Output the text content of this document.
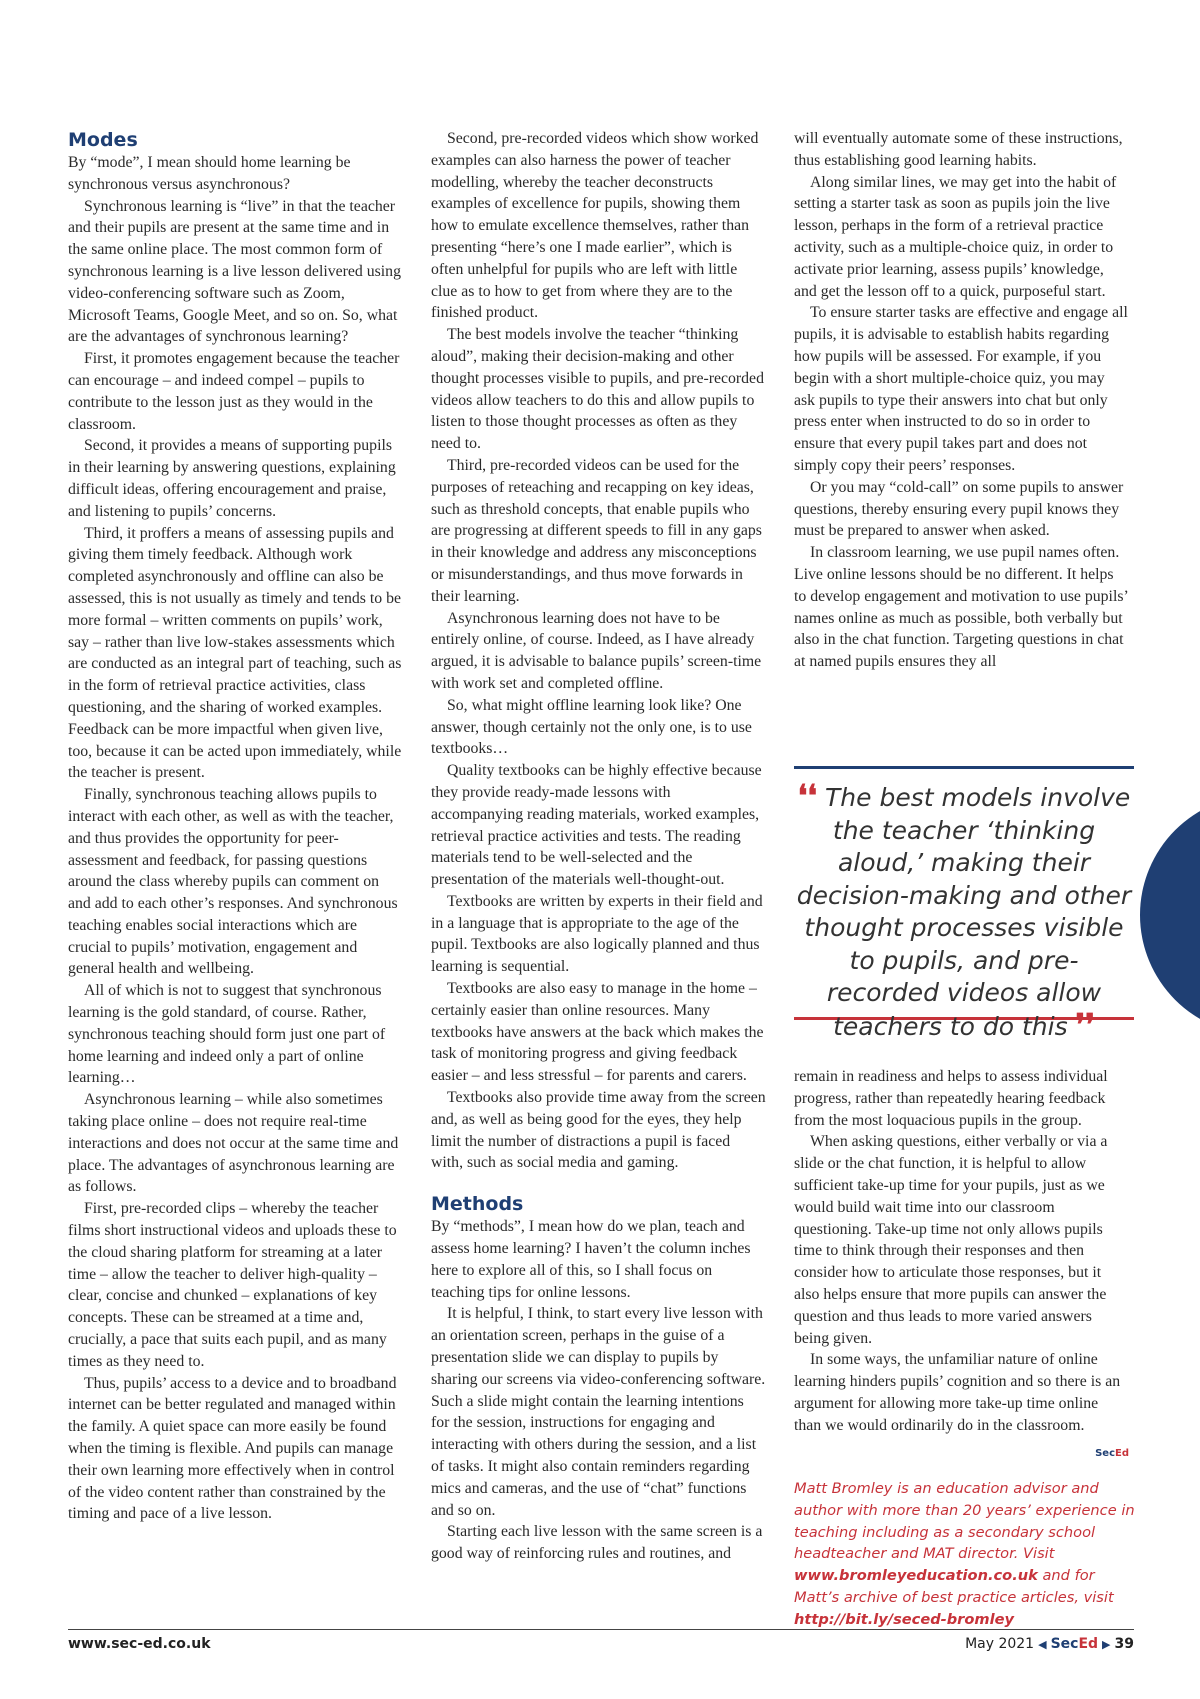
Modes

By “mode”, I mean should home learning be synchronous versus asynchronous?

Synchronous learning is “live” in that the teacher and their pupils are present at the same time and in the same online place. The most common form of synchronous learning is a live lesson delivered using video-conferencing software such as Zoom, Microsoft Teams, Google Meet, and so on. So, what are the advantages of synchronous learning?

First, it promotes engagement because the teacher can encourage – and indeed compel – pupils to contribute to the lesson just as they would in the classroom.

Second, it provides a means of supporting pupils in their learning by answering questions, explaining difficult ideas, offering encouragement and praise, and listening to pupils’ concerns.

Third, it proffers a means of assessing pupils and giving them timely feedback. Although work completed asynchronously and offline can also be assessed, this is not usually as timely and tends to be more formal – written comments on pupils’ work, say – rather than live low-stakes assessments which are conducted as an integral part of teaching, such as in the form of retrieval practice activities, class questioning, and the sharing of worked examples. Feedback can be more impactful when given live, too, because it can be acted upon immediately, while the teacher is present.

Finally, synchronous teaching allows pupils to interact with each other, as well as with the teacher, and thus provides the opportunity for peer-assessment and feedback, for passing questions around the class whereby pupils can comment on and add to each other’s responses. And synchronous teaching enables social interactions which are crucial to pupils’ motivation, engagement and general health and wellbeing.

All of which is not to suggest that synchronous learning is the gold standard, of course. Rather, synchronous teaching should form just one part of home learning and indeed only a part of online learning…

Asynchronous learning – while also sometimes taking place online – does not require real-time interactions and does not occur at the same time and place. The advantages of asynchronous learning are as follows.

First, pre-recorded clips – whereby the teacher films short instructional videos and uploads these to the cloud sharing platform for streaming at a later time – allow the teacher to deliver high-quality – clear, concise and chunked – explanations of key concepts. These can be streamed at a time and, crucially, a pace that suits each pupil, and as many times as they need to.

Thus, pupils’ access to a device and to broadband internet can be better regulated and managed within the family. A quiet space can more easily be found when the timing is flexible. And pupils can manage their own learning more effectively when in control of the video content rather than constrained by the timing and pace of a live lesson.

Second, pre-recorded videos which show worked examples can also harness the power of teacher modelling, whereby the teacher deconstructs examples of excellence for pupils, showing them how to emulate excellence themselves, rather than presenting “here’s one I made earlier”, which is often unhelpful for pupils who are left with little clue as to how to get from where they are to the finished product.

The best models involve the teacher “thinking aloud”, making their decision-making and other thought processes visible to pupils, and pre-recorded videos allow teachers to do this and allow pupils to listen to those thought processes as often as they need to.

Third, pre-recorded videos can be used for the purposes of reteaching and recapping on key ideas, such as threshold concepts, that enable pupils who are progressing at different speeds to fill in any gaps in their knowledge and address any misconceptions or misunderstandings, and thus move forwards in their learning.

Asynchronous learning does not have to be entirely online, of course. Indeed, as I have already argued, it is advisable to balance pupils’ screen-time with work set and completed offline.

So, what might offline learning look like? One answer, though certainly not the only one, is to use textbooks…

Quality textbooks can be highly effective because they provide ready-made lessons with accompanying reading materials, worked examples, retrieval practice activities and tests. The reading materials tend to be well-selected and the presentation of the materials well-thought-out.

Textbooks are written by experts in their field and in a language that is appropriate to the age of the pupil. Textbooks are also logically planned and thus learning is sequential.

Textbooks are also easy to manage in the home – certainly easier than online resources. Many textbooks have answers at the back which makes the task of monitoring progress and giving feedback easier – and less stressful – for parents and carers.

Textbooks also provide time away from the screen and, as well as being good for the eyes, they help limit the number of distractions a pupil is faced with, such as social media and gaming.

Methods

By “methods”, I mean how do we plan, teach and assess home learning? I haven’t the column inches here to explore all of this, so I shall focus on teaching tips for online lessons.

It is helpful, I think, to start every live lesson with an orientation screen, perhaps in the guise of a presentation slide we can display to pupils by sharing our screens via video-conferencing software. Such a slide might contain the learning intentions for the session, instructions for engaging and interacting with others during the session, and a list of tasks. It might also contain reminders regarding mics and cameras, and the use of “chat” functions and so on.

Starting each live lesson with the same screen is a good way of reinforcing rules and routines, and

will eventually automate some of these instructions, thus establishing good learning habits.

Along similar lines, we may get into the habit of setting a starter task as soon as pupils join the live lesson, perhaps in the form of a retrieval practice activity, such as a multiple-choice quiz, in order to activate prior learning, assess pupils’ knowledge, and get the lesson off to a quick, purposeful start.

To ensure starter tasks are effective and engage all pupils, it is advisable to establish habits regarding how pupils will be assessed. For example, if you begin with a short multiple-choice quiz, you may ask pupils to type their answers into chat but only press enter when instructed to do so in order to ensure that every pupil takes part and does not simply copy their peers’ responses.

Or you may “cold-call” on some pupils to answer questions, thereby ensuring every pupil knows they must be prepared to answer when asked.

In classroom learning, we use pupil names often. Live online lessons should be no different. It helps to develop engagement and motivation to use pupils’ names online as much as possible, both verbally but also in the chat function. Targeting questions in chat at named pupils ensures they all

❛❛ The best models involve the teacher ‘thinking aloud,’ making their decision-making and other thought processes visible to pupils, and pre-recorded videos allow teachers to do this ❜❜

remain in readiness and helps to assess individual progress, rather than repeatedly hearing feedback from the most loquacious pupils in the group.

When asking questions, either verbally or via a slide or the chat function, it is helpful to allow sufficient take-up time for your pupils, just as we would build wait time into our classroom questioning. Take-up time not only allows pupils time to think through their responses and then consider how to articulate those responses, but it also helps ensure that more pupils can answer the question and thus leads to more varied answers being given.

In some ways, the unfamiliar nature of online learning hinders pupils’ cognition and so there is an argument for allowing more take-up time online than we would ordinarily do in the classroom.

SecEd
Matt Bromley is an education advisor and author with more than 20 years’ experience in teaching including as a secondary school headteacher and MAT director. Visit www.bromleyeducation.co.uk and for Matt’s archive of best practice articles, visit http://bit.ly/seced-bromley
www.sec-ed.co.uk	May 2021 ◀ SecEd ▶ 39
